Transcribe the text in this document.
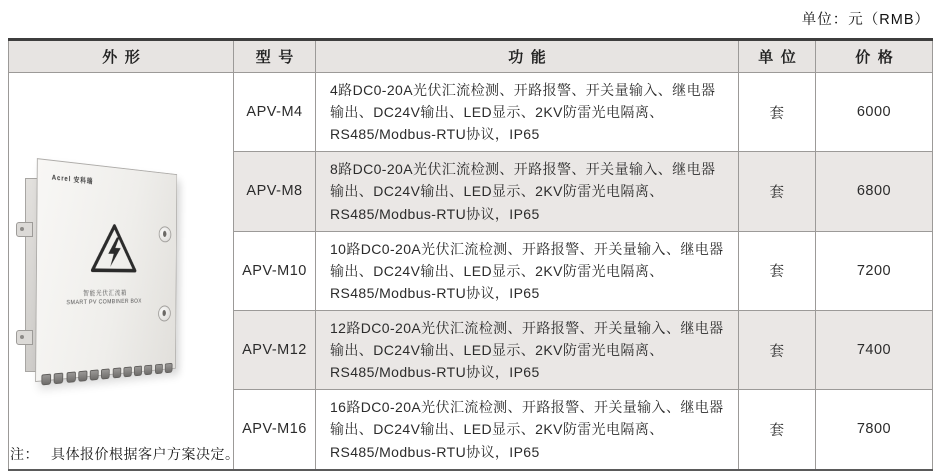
单位：元（RMB）
外形	型号	功能	单位	价格

Acrel 安科瑞
智能光伏汇流箱
SMART PV COMBINER BOX	APV-M4	4路DC0-20A光伏汇流检测、开路报警、开关量输入、继电器输出、DC24V输出、LED显示、2KV防雷光电隔离、RS485/Modbus-RTU协议，IP65	套	6000
	APV-M8	8路DC0-20A光伏汇流检测、开路报警、开关量输入、继电器输出、DC24V输出、LED显示、2KV防雷光电隔离、RS485/Modbus-RTU协议，IP65	套	6800
	APV-M10	10路DC0-20A光伏汇流检测、开路报警、开关量输入、继电器输出、DC24V输出、LED显示、2KV防雷光电隔离、RS485/Modbus-RTU协议，IP65	套	7200
	APV-M12	12路DC0-20A光伏汇流检测、开路报警、开关量输入、继电器输出、DC24V输出、LED显示、2KV防雷光电隔离、RS485/Modbus-RTU协议，IP65	套	7400
	APV-M16	16路DC0-20A光伏汇流检测、开路报警、开关量输入、继电器输出、DC24V输出、LED显示、2KV防雷光电隔离、RS485/Modbus-RTU协议，IP65	套	7800
注： 具体报价根据客户方案决定。
